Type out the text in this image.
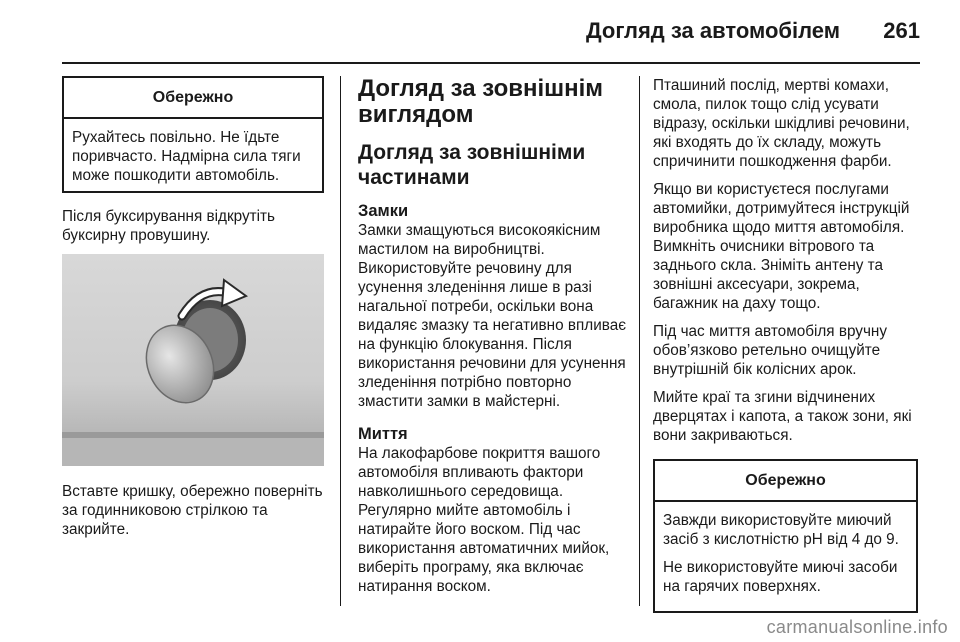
Догляд за автомобілем 261
Обережно

Рухайтесь повільно. Не їдьте поривчасто. Надмірна сила тяги може пошкодити автомобіль.

Після буксирування відкрутіть буксирну провушину.

Вставте кришку, обережно поверніть за годинниковою стрілкою та закрийте.

Догляд за зовнішнім виглядом
Догляд за зовнішніми частинами
Замки

Замки змащуються високоякісним мастилом на виробництві. Використовуйте речовину для усунення зледеніння лише в разі нагальної потреби, оскільки вона видаляє змазку та негативно впливає на функцію блокування. Після використання речовини для усунення зледеніння потрібно повторно змастити замки в майстерні.

Миття

На лакофарбове покриття вашого автомобіля впливають фактори навколишнього середовища. Регулярно мийте автомобіль і натирайте його воском. Під час використання автоматичних мийок, виберіть програму, яка включає натирання воском.

Пташиний послід, мертві комахи, смола, пилок тощо слід усувати відразу, оскільки шкідливі речовини, які входять до їх складу, можуть спричинити пошкодження фарби.

Якщо ви користуєтеся послугами автомийки, дотримуйтеся інструкцій виробника щодо миття автомобіля. Вимкніть очисники вітрового та заднього скла. Зніміть антену та зовнішні аксесуари, зокрема, багажник на даху тощо.

Під час миття автомобіля вручну обов’язково ретельно очищуйте внутрішній бік колісних арок.

Мийте краї та згини відчинених дверцятах і капота, а також зони, які вони закриваються.

Обережно

Завжди використовуйте миючий засіб з кислотністю pH від 4 до 9.

Не використовуйте миючі засоби на гарячих поверхнях.

carmanualsonline.info
